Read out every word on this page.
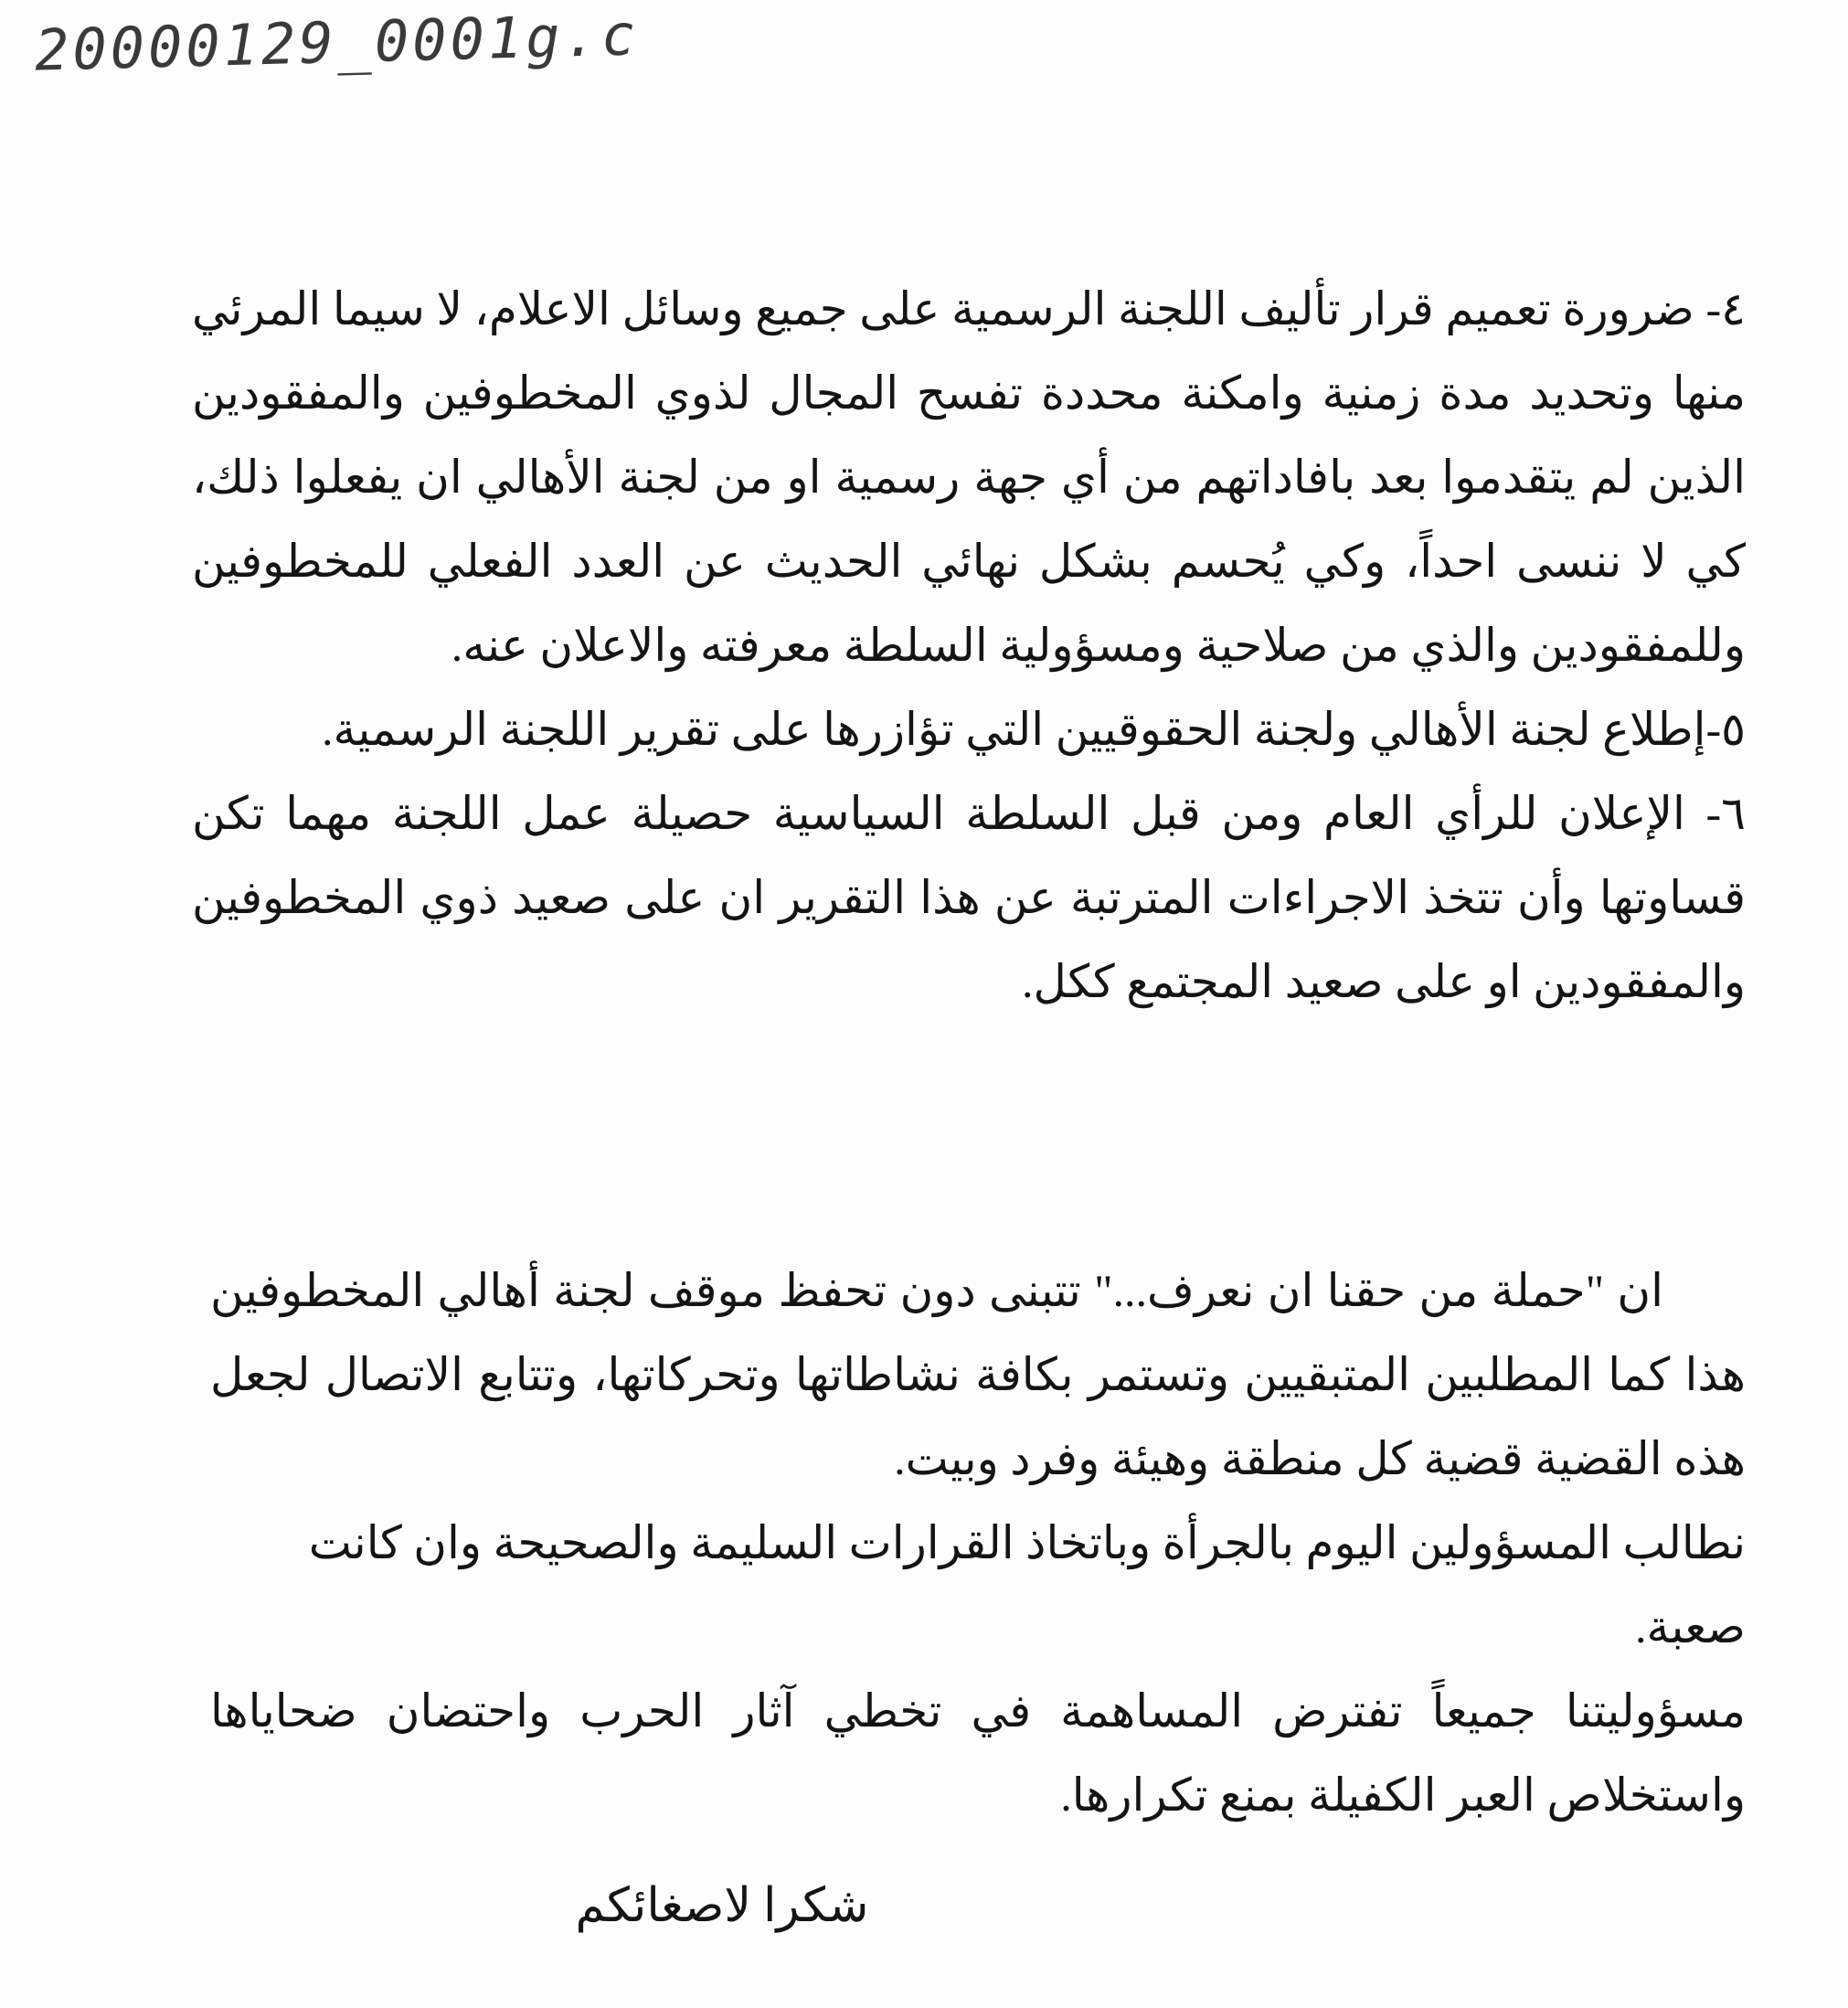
20000129_0001g.c

٤- ضرورة تعميم قرار تأليف اللجنة الرسمية على جميع وسائل الاعلام، لا سيما المرئي منها وتحديد مدة زمنية وامكنة محددة تفسح المجال لذوي المخطوفين والمفقودين الذين لم يتقدموا بعد بافاداتهم من أي جهة رسمية او من لجنة الأهالي ان يفعلوا ذلك، كي لا ننسى احداً، وكي يُحسم بشكل نهائي الحديث عن العدد الفعلي للمخطوفين وللمفقودين والذي من صلاحية ومسؤولية السلطة معرفته والاعلان عنه.

٥-إطلاع لجنة الأهالي ولجنة الحقوقيين التي تؤازرها على تقرير اللجنة الرسمية.

٦- الإعلان للرأي العام ومن قبل السلطة السياسية حصيلة عمل اللجنة مهما تكن قساوتها وأن تتخذ الاجراءات المترتبة عن هذا التقرير ان على صعيد ذوي المخطوفين والمفقودين او على صعيد المجتمع ككل.

ان "حملة من حقنا ان نعرف..." تتبنى دون تحفظ موقف لجنة أهالي المخطوفين هذا كما المطلبين المتبقيين وتستمر بكافة نشاطاتها وتحركاتها، وتتابع الاتصال لجعل هذه القضية قضية كل منطقة وهيئة وفرد وبيت.

نطالب المسؤولين اليوم بالجرأة وباتخاذ القرارات السليمة والصحيحة وان كانت صعبة.

مسؤوليتنا جميعاً تفترض المساهمة في تخطي آثار الحرب واحتضان ضحاياها واستخلاص العبر الكفيلة بمنع تكرارها.

شكرا لاصغائكم
